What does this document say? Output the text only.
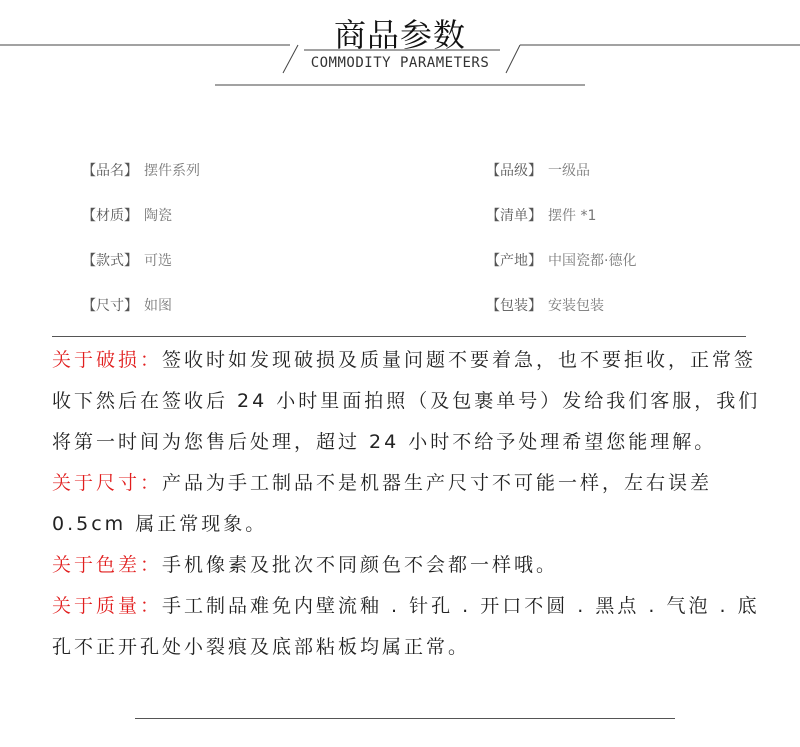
商品参数
COMMODITY PARAMETERS
【品名】 摆件系列
【材质】 陶瓷
【款式】 可选
【尺寸】 如图
【品级】 一级品
【清单】 摆件 *1
【产地】 中国瓷都·德化
【包装】 安装包装

关于破损：签收时如发现破损及质量问题不要着急，也不要拒收，正常签收下然后在签收后 24 小时里面拍照（及包裹单号）发给我们客服，我们将第一时间为您售后处理，超过 24 小时不给予处理希望您能理解。

关于尺寸：产品为手工制品不是机器生产尺寸不可能一样，左右误差 0.5cm 属正常现象。

关于色差：手机像素及批次不同颜色不会都一样哦。

关于质量：手工制品难免内壁流釉 . 针孔 . 开口不圆 . 黑点 . 气泡 . 底孔不正开孔处小裂痕及底部粘板均属正常。
